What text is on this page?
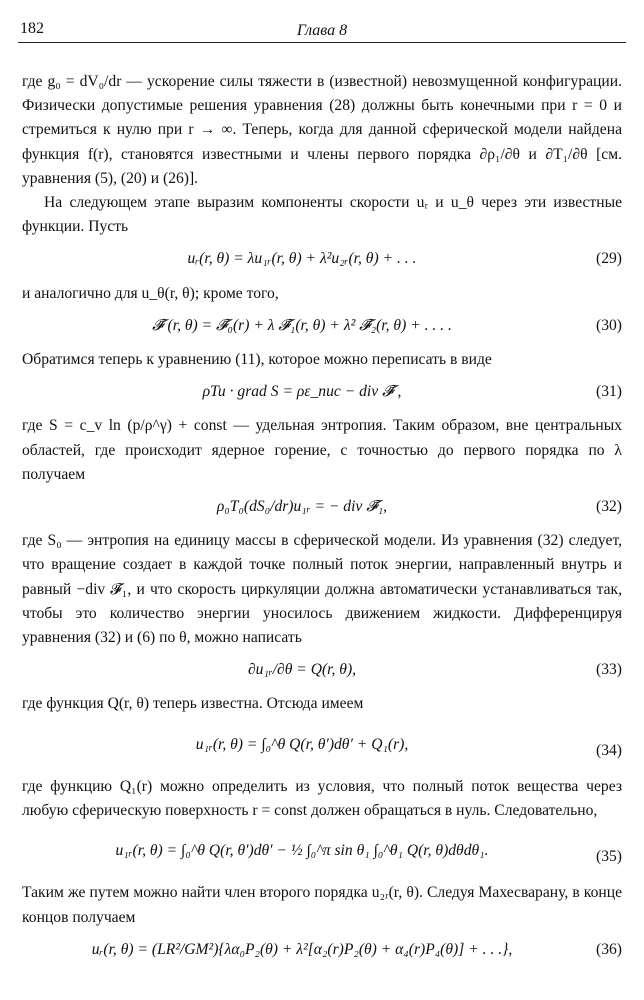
182	Глава 8

где g₀ = dV₀/dr — ускорение силы тяжести в (известной) невозмущенной конфигурации. Физически допустимые решения уравнения (28) должны быть конечными при r = 0 и стремиться к нулю при r → ∞. Теперь, когда для данной сферической модели найдена функция f(r), становятся известными и члены первого порядка ∂ρ₁/∂θ и ∂T₁/∂θ [см. уравнения (5), (20) и (26)].

На следующем этапе выразим компоненты скорости uᵣ и u_θ через эти известные функции. Пусть

uᵣ(r, θ) = λu₁ᵣ(r, θ) + λ²u₂ᵣ(r, θ) + . . .	(29)

и аналогично для u_θ(r, θ); кроме того,

𝓕̄ (r, θ) = 𝓕̄₀(r) + λ 𝓕̄₁(r, θ) + λ² 𝓕̄₂(r, θ) + . . . .	(30)

Обратимся теперь к уравнению (11), которое можно переписать в виде

ρTu · grad S = ρε_nuc − div 𝓕̄ ,	(31)

где S = c_v ln (p/ρ^γ) + const — удельная энтропия. Таким образом, вне центральных областей, где происходит ядерное горение, с точностью до первого порядка по λ получаем

ρ₀T₀(dS₀/dr)u₁ᵣ = − div 𝓕̄₁,	(32)

где S₀ — энтропия на единицу массы в сферической модели. Из уравнения (32) следует, что вращение создает в каждой точке полный поток энергии, направленный внутрь и равный −div 𝓕̄₁, и что скорость циркуляции должна автоматически устанавливаться так, чтобы это количество энергии уносилось движением жидкости. Дифференцируя уравнения (32) и (6) по θ, можно написать

∂u₁ᵣ/∂θ = Q(r, θ),	(33)

где функция Q(r, θ) теперь известна. Отсюда имеем

u₁ᵣ(r, θ) = ∫₀^θ Q(r, θ′)dθ′ + Q₁(r),	(34)

где функцию Q₁(r) можно определить из условия, что полный поток вещества через любую сферическую поверхность r = const должен обращаться в нуль. Следовательно,

u₁ᵣ(r, θ) = ∫₀^θ Q(r, θ′)dθ′ − ½ ∫₀^π sin θ₁ ∫₀^θ₁ Q(r, θ)dθdθ₁.	(35)

Таким же путем можно найти член второго порядка u₂ᵣ(r, θ). Следуя Махесварану, в конце концов получаем

uᵣ(r, θ) = (LR²/GM²){λα₀P₂(θ) + λ²[α₂(r)P₂(θ) + α₄(r)P₄(θ)] + . . .},	(36)
